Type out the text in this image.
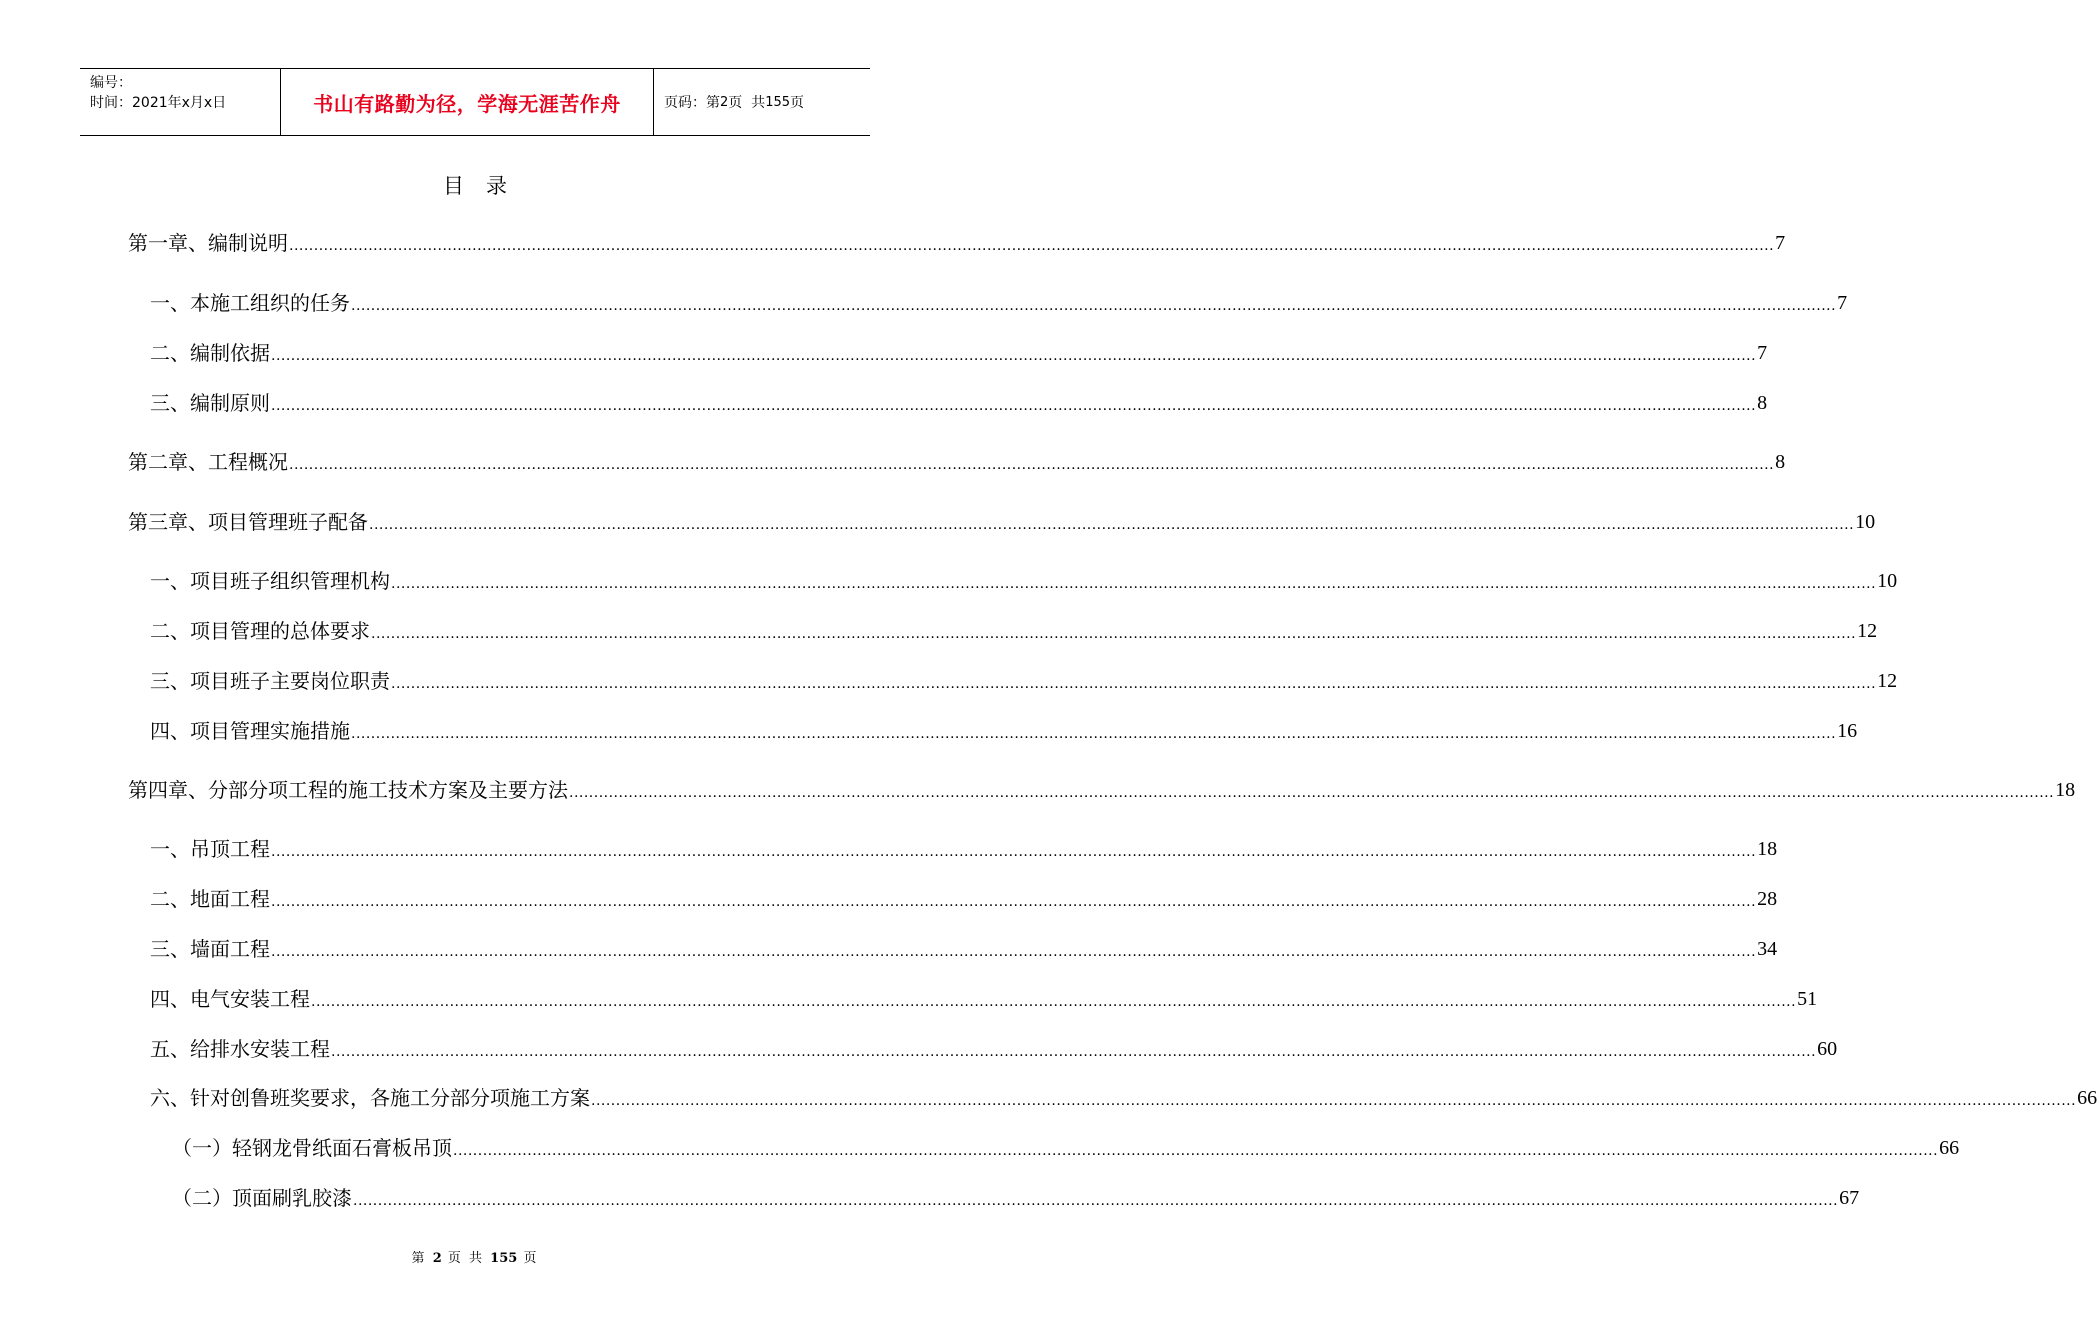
编号：
时间：2021年x月x日	书山有路勤为径，学海无涯苦作舟	页码：第 2 页  共 155 页
目录
第一章、编制说明 ............................................................................................................................................................................................................................................................................................................ 7
一、本施工组织的任务 ............................................................................................................................................................................................................................................................................................................ 7
二、编制依据 ............................................................................................................................................................................................................................................................................................................ 7
三、编制原则 ............................................................................................................................................................................................................................................................................................................ 8
第二章、工程概况 ............................................................................................................................................................................................................................................................................................................ 8
第三章、项目管理班子配备 ............................................................................................................................................................................................................................................................................................................ 10
一、项目班子组织管理机构 ............................................................................................................................................................................................................................................................................................................ 10
二、项目管理的总体要求 ............................................................................................................................................................................................................................................................................................................ 12
三、项目班子主要岗位职责 ............................................................................................................................................................................................................................................................................................................ 12
四、项目管理实施措施 ............................................................................................................................................................................................................................................................................................................ 16
第四章、分部分项工程的施工技术方案及主要方法 ............................................................................................................................................................................................................................................................................................................ 18
一、吊顶工程 ............................................................................................................................................................................................................................................................................................................ 18
二、地面工程 ............................................................................................................................................................................................................................................................................................................ 28
三、墙面工程 ............................................................................................................................................................................................................................................................................................................ 34
四、电气安装工程 ............................................................................................................................................................................................................................................................................................................ 51
五、给排水安装工程 ............................................................................................................................................................................................................................................................................................................ 60
六、针对创鲁班奖要求，各施工分部分项施工方案 ............................................................................................................................................................................................................................................................................................................ 66
（一）轻钢龙骨纸面石膏板吊顶 ............................................................................................................................................................................................................................................................................................................ 66
（二）顶面刷乳胶漆 ............................................................................................................................................................................................................................................................................................................ 67
第 2 页 共 155 页
